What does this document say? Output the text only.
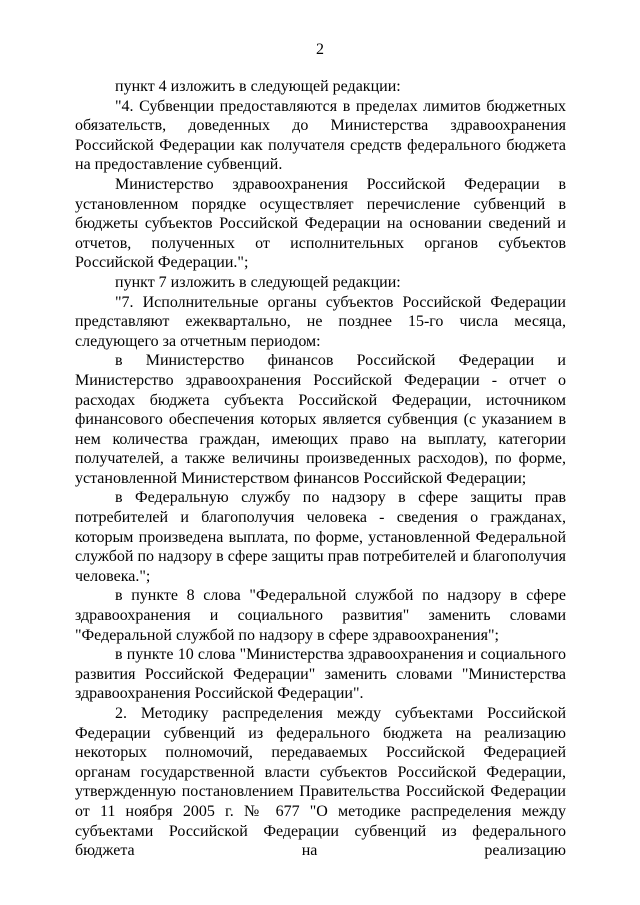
2

пункт 4 изложить в следующей редакции:

"4. Субвенции предоставляются в пределах лимитов бюджетных обязательств, доведенных до Министерства здравоохранения Российской Федерации как получателя средств федерального бюджета на предоставление субвенций.

Министерство здравоохранения Российской Федерации в установленном порядке осуществляет перечисление субвенций в бюджеты субъектов Российской Федерации на основании сведений и отчетов, полученных от исполнительных органов субъектов Российской Федерации.";

пункт 7 изложить в следующей редакции:

"7. Исполнительные органы субъектов Российской Федерации представляют ежеквартально, не позднее 15-го числа месяца, следующего за отчетным периодом:

в Министерство финансов Российской Федерации и Министерство здравоохранения Российской Федерации - отчет о расходах бюджета субъекта Российской Федерации, источником финансового обеспечения которых является субвенция (с указанием в нем количества граждан, имеющих право на выплату, категории получателей, а также величины произведенных расходов), по форме, установленной Министерством финансов Российской Федерации;

в Федеральную службу по надзору в сфере защиты прав потребителей и благополучия человека - сведения о гражданах, которым произведена выплата, по форме, установленной Федеральной службой по надзору в сфере защиты прав потребителей и благополучия человека.";

в пункте 8 слова "Федеральной службой по надзору в сфере здравоохранения и социального развития" заменить словами "Федеральной службой по надзору в сфере здравоохранения";

в пункте 10 слова "Министерства здравоохранения и социального развития Российской Федерации" заменить словами "Министерства здравоохранения Российской Федерации".

2. Методику распределения между субъектами Российской Федерации субвенций из федерального бюджета на реализацию некоторых полномочий, передаваемых Российской Федерацией органам государственной власти субъектов Российской Федерации, утвержденную постановлением Правительства Российской Федерации от 11 ноября 2005 г. № 677 "О методике распределения между субъектами Российской Федерации субвенций из федерального бюджета на реализацию
